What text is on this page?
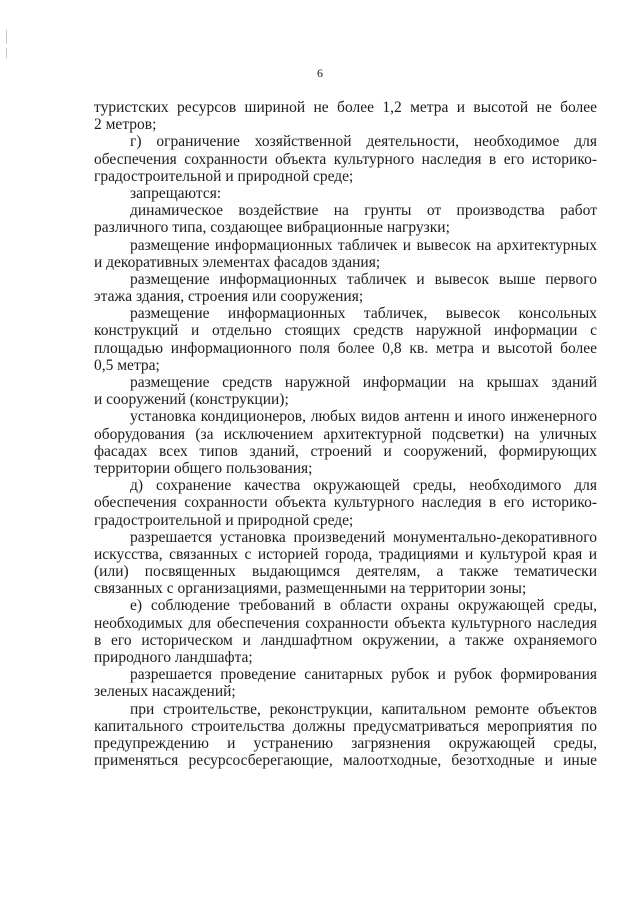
6
туристских ресурсов шириной не более 1,2 метра и высотой не более
2 метров;
г) ограничение хозяйственной деятельности, необходимое для
обеспечения сохранности объекта культурного наследия в его историко-
градостроительной и природной среде;
запрещаются:
динамическое воздействие на грунты от производства работ
различного типа, создающее вибрационные нагрузки;
размещение информационных табличек и вывесок на архитектурных
и декоративных элементах фасадов здания;
размещение информационных табличек и вывесок выше первого
этажа здания, строения или сооружения;
размещение информационных табличек, вывесок консольных
конструкций и отдельно стоящих средств наружной информации с
площадью информационного поля более 0,8 кв. метра и высотой более
0,5 метра;
размещение средств наружной информации на крышах зданий
и сооружений (конструкции);
установка кондиционеров, любых видов антенн и иного инженерного
оборудования (за исключением архитектурной подсветки) на уличных
фасадах всех типов зданий, строений и сооружений, формирующих
территории общего пользования;
д) сохранение качества окружающей среды, необходимого для
обеспечения сохранности объекта культурного наследия в его историко-
градостроительной и природной среде;
разрешается установка произведений монументально-декоративного
искусства, связанных с историей города, традициями и культурой края и
(или) посвященных выдающимся деятелям, а также тематически
связанных с организациями, размещенными на территории зоны;
е) соблюдение требований в области охраны окружающей среды,
необходимых для обеспечения сохранности объекта культурного наследия
в его историческом и ландшафтном окружении, а также охраняемого
природного ландшафта;
разрешается проведение санитарных рубок и рубок формирования
зеленых насаждений;
при строительстве, реконструкции, капитальном ремонте объектов
капитального строительства должны предусматриваться мероприятия по
предупреждению и устранению загрязнения окружающей среды,
применяться ресурсосберегающие, малоотходные, безотходные и иные
